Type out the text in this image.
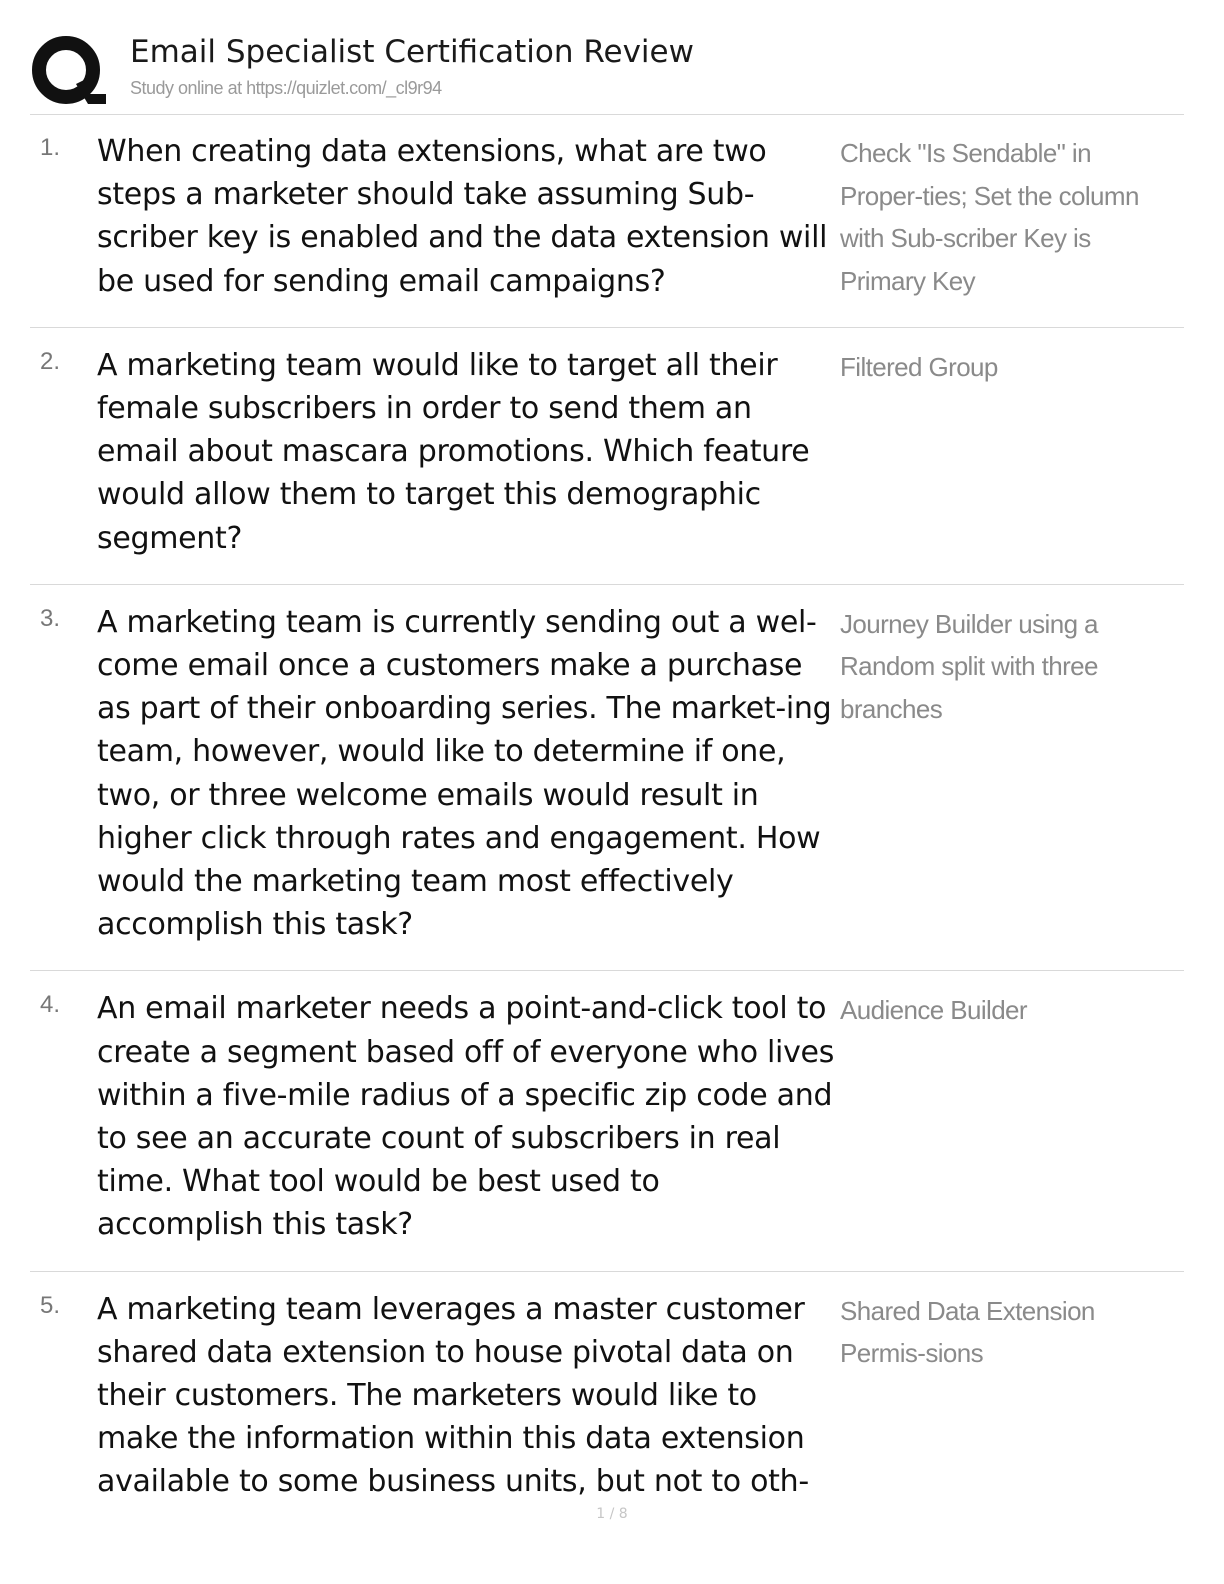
Email Specialist Certification Review
Study online at https://quizlet.com/_cl9r94
1. When creating data extensions, what are two steps a marketer should take assuming Sub-scriber key is enabled and the data extension will be used for sending email campaigns?
Check "Is Sendable" in Proper-ties; Set the column with Sub-scriber Key is Primary Key
2. A marketing team would like to target all their female subscribers in order to send them an email about mascara promotions. Which feature would allow them to target this demographic segment?
Filtered Group
3. A marketing team is currently sending out a wel-come email once a customers make a purchase as part of their onboarding series. The market-ing team, however, would like to determine if one, two, or three welcome emails would result in higher click through rates and engagement. How would the marketing team most effectively accomplish this task?
Journey Builder using a Random split with three branches
4. An email marketer needs a point-and-click tool to create a segment based off of everyone who lives within a five-mile radius of a specific zip code and to see an accurate count of subscribers in real time. What tool would be best used to accomplish this task?
Audience Builder
5. A marketing team leverages a master customer shared data extension to house pivotal data on their customers. The marketers would like to make the information within this data extension available to some business units, but not to oth-
Shared Data Extension Permis-sions
1 / 8
